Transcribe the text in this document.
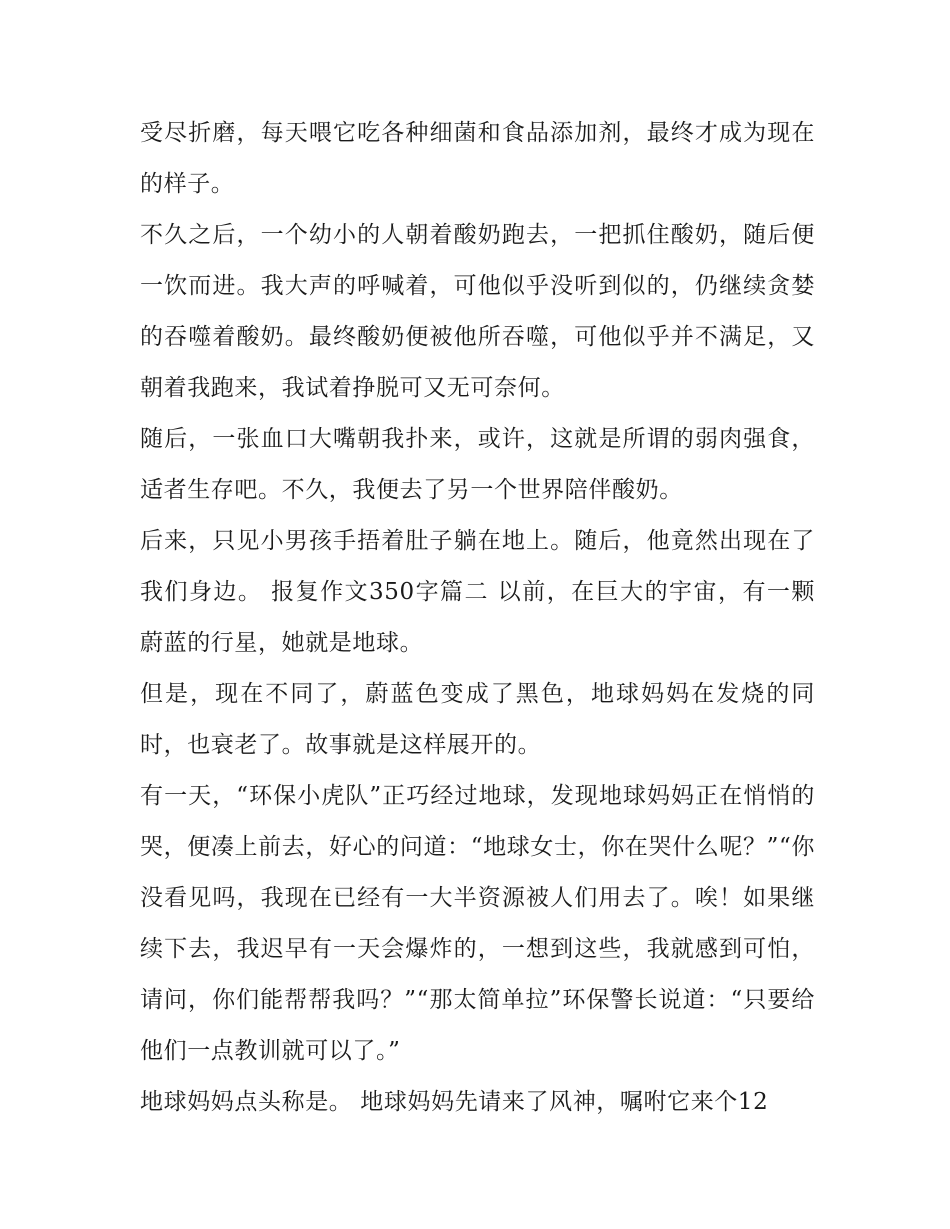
受尽折磨，每天喂它吃各种细菌和食品添加剂，最终才成为现在的样子。

不久之后，一个幼小的人朝着酸奶跑去，一把抓住酸奶，随后便一饮而进。我大声的呼喊着，可他似乎没听到似的，仍继续贪婪的吞噬着酸奶。最终酸奶便被他所吞噬，可他似乎并不满足，又朝着我跑来，我试着挣脱可又无可奈何。

随后，一张血口大嘴朝我扑来，或许，这就是所谓的弱肉强食，适者生存吧。不久，我便去了另一个世界陪伴酸奶。

后来，只见小男孩手捂着肚子躺在地上。随后，他竟然出现在了我们身边。 报复作文350字篇二 以前，在巨大的宇宙，有一颗蔚蓝的行星，她就是地球。

但是，现在不同了，蔚蓝色变成了黑色，地球妈妈在发烧的同时，也衰老了。故事就是这样展开的。

有一天，“环保小虎队”正巧经过地球，发现地球妈妈正在悄悄的哭，便凑上前去，好心的问道：“地球女士，你在哭什么呢？”“你没看见吗，我现在已经有一大半资源被人们用去了。唉！如果继续下去，我迟早有一天会爆炸的，一想到这些，我就感到可怕，请问，你们能帮帮我吗？”“那太简单拉”环保警长说道：“只要给他们一点教训就可以了。”

地球妈妈点头称是。 地球妈妈先请来了风神，嘱咐它来个12
